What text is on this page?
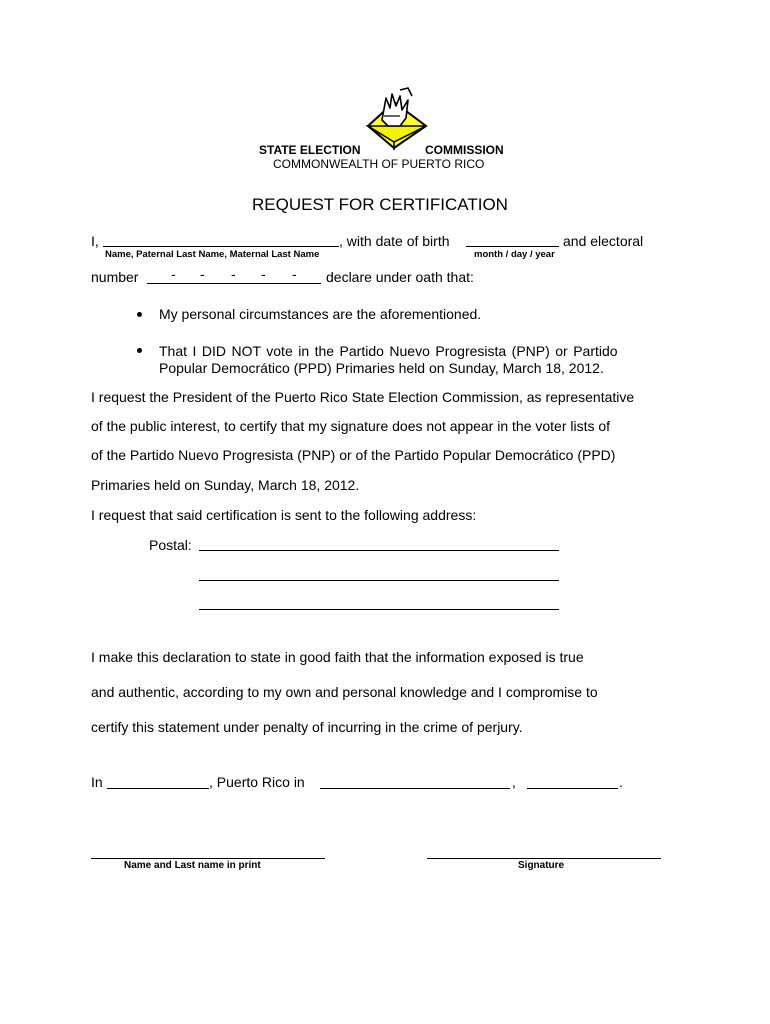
STATE ELECTION	COMMISSION
COMMONWEALTH OF PUERTO RICO
REQUEST FOR CERTIFICATION
I,
Name, Paternal Last Name, Maternal Last Name
, with date of birth
month / day / year
and electoral
number - - - - - declare under oath that:
My personal circumstances are the aforementioned.
That I DID NOT vote in the Partido Nuevo Progresista (PNP) or Partido
Popular Democrático (PPD) Primaries held on Sunday, March 18, 2012.
I request the President of the Puerto Rico State Election Commission, as representative
of the public interest, to certify that my signature does not appear in the voter lists of
of the Partido Nuevo Progresista (PNP) or of the Partido Popular Democrático (PPD)
Primaries held on Sunday, March 18, 2012.
I request that said certification is sent to the following address:
Postal:
I make this declaration to state in good faith that the information exposed is true
and authentic, according to my own and personal knowledge and I compromise to
certify this statement under penalty of incurring in the crime of perjury.
In	, Puerto Rico in	,	.
Name and Last name in print	Signature
